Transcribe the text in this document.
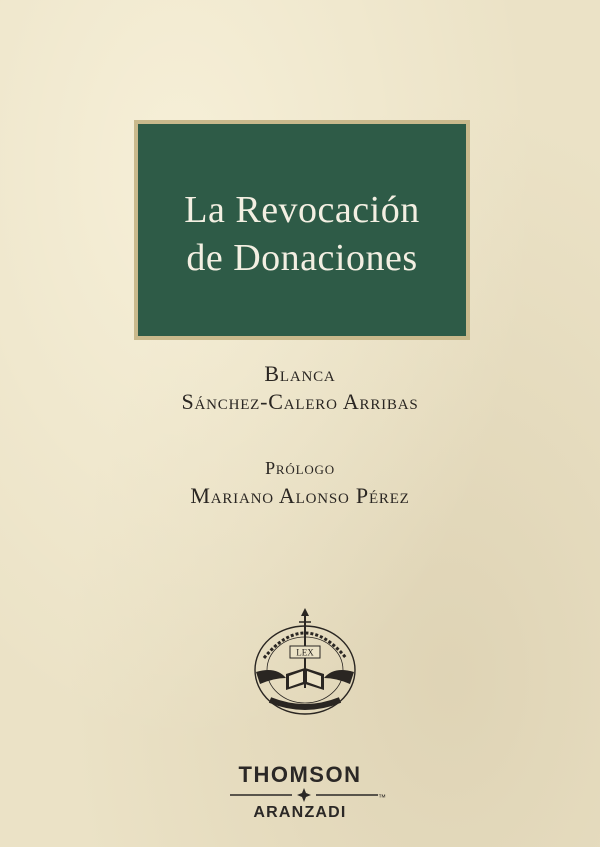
La Revocación
de Donaciones
Blanca
Sánchez-Calero Arribas
Prólogo
Mariano Alonso Pérez
LEX
THOMSON
™
ARANZADI
